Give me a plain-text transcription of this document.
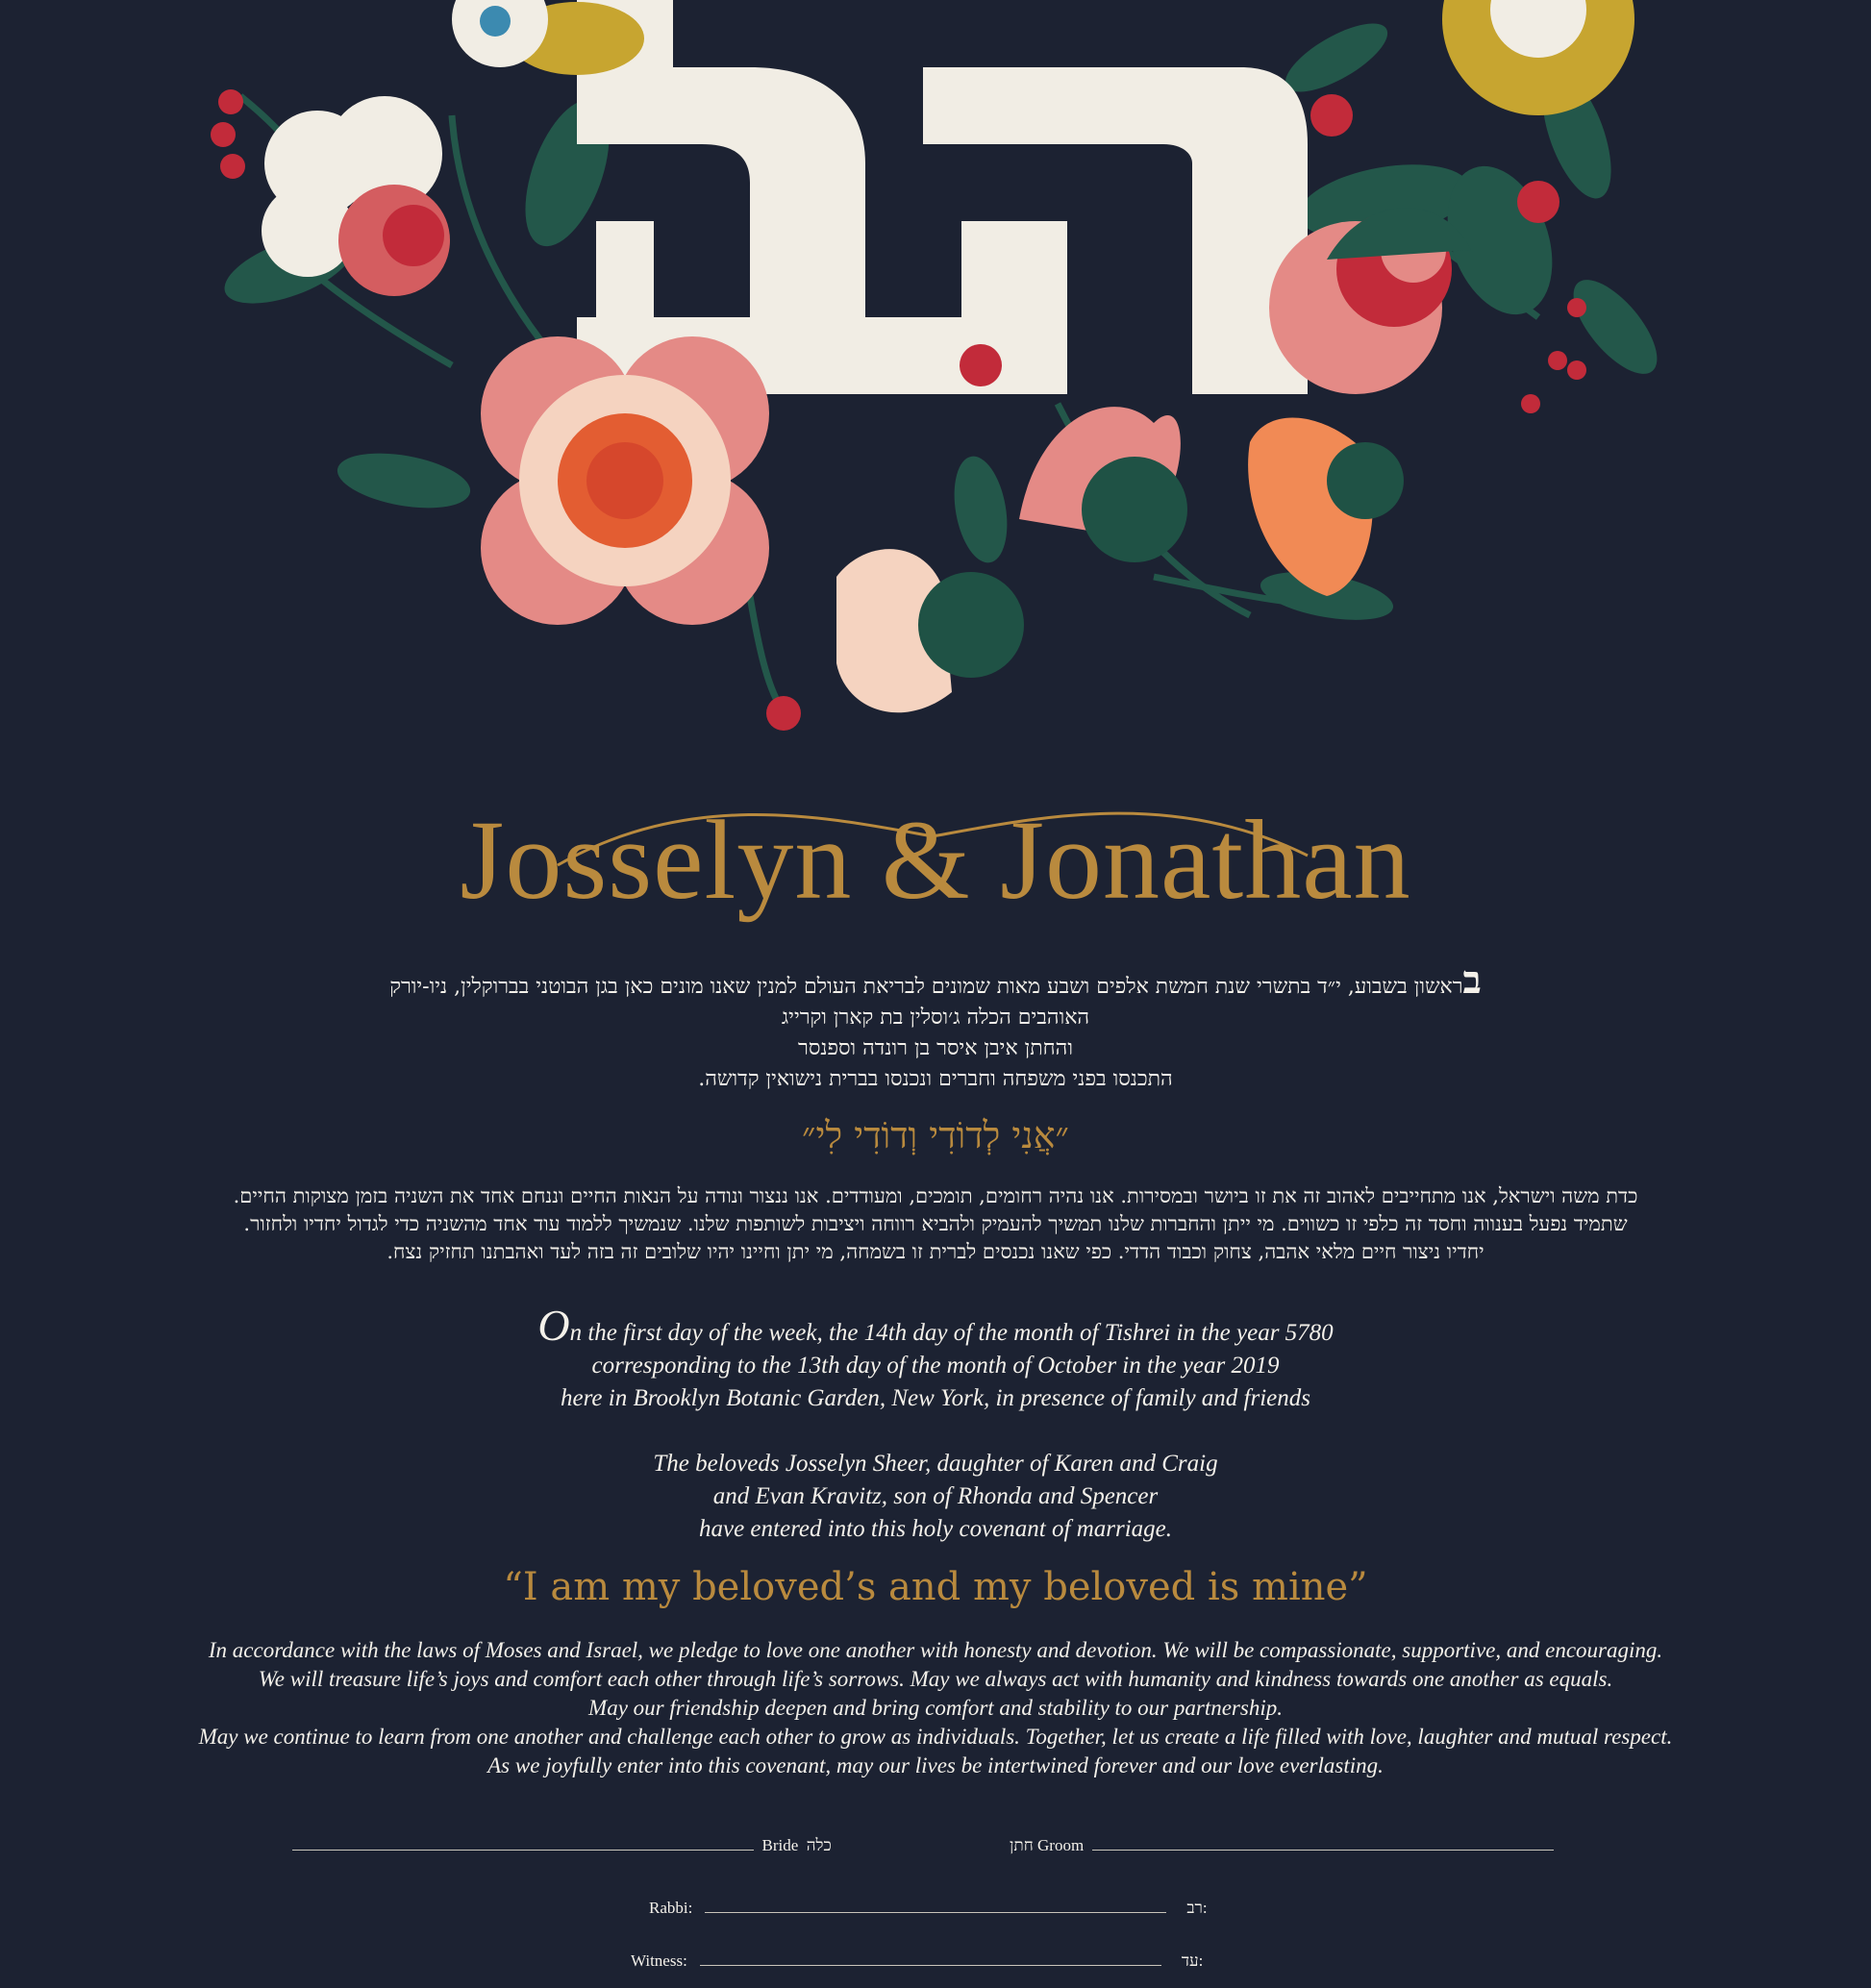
Josselyn & Jonathan
בראשון בשבוע, י״ד בתשרי שנת חמשת אלפים ושבע מאות שמונים לבריאת העולם למנין שאנו מונים כאן בגן הבוטני בברוקלין, ניו-יורק
האוהבים הכלה ג׳וסלין בת קארן וקרייג
והחתן איבן איסר בן רונדה וספנסר
התכנסו בפני משפחה וחברים ונכנסו בברית נישואין קדושה.
״אֲנִי לְדוֹדִי וְדוֹדִי לִי״
כדת משה וישראל, אנו מתחייבים לאהוב זה את זו ביושר ובמסירות. אנו נהיה רחומים, תומכים, ומעודדים. אנו ננצור ונודה על הנאות החיים וננחם אחד את השניה בזמן מצוקות החיים.
שתמיד נפעל בענווה וחסד זה כלפי זו כשווים. מי ייתן והחברות שלנו תמשיך להעמיק ולהביא רווחה ויציבות לשותפות שלנו. שנמשיך ללמוד עוד אחד מהשניה כדי לגדול יחדיו ולחזור.
יחדיו ניצור חיים מלאי אהבה, צחוק וכבוד הדדי. כפי שאנו נכנסים לברית זו בשמחה, מי יתן וחיינו יהיו שלובים זה בזה לעד ואהבתנו תחזיק נצח.
On the first day of the week, the 14th day of the month of Tishrei in the year 5780
corresponding to the 13th day of the month of October in the year 2019
here in Brooklyn Botanic Garden, New York, in presence of family and friends
The beloveds Josselyn Sheer, daughter of Karen and Craig
and Evan Kravitz, son of Rhonda and Spencer
have entered into this holy covenant of marriage.
“I am my beloved’s and my beloved is mine”
In accordance with the laws of Moses and Israel, we pledge to love one another with honesty and devotion. We will be compassionate, supportive, and encouraging.
We will treasure life’s joys and comfort each other through life’s sorrows. May we always act with humanity and kindness towards one another as equals.
May our friendship deepen and bring comfort and stability to our partnership.
May we continue to learn from one another and challenge each other to grow as individuals. Together, let us create a life filled with love, laughter and mutual respect.
As we joyfully enter into this covenant, may our lives be intertwined forever and our love everlasting.
Bride כלה	חתן Groom
Rabbi:	רב:
Witness:	עד:
